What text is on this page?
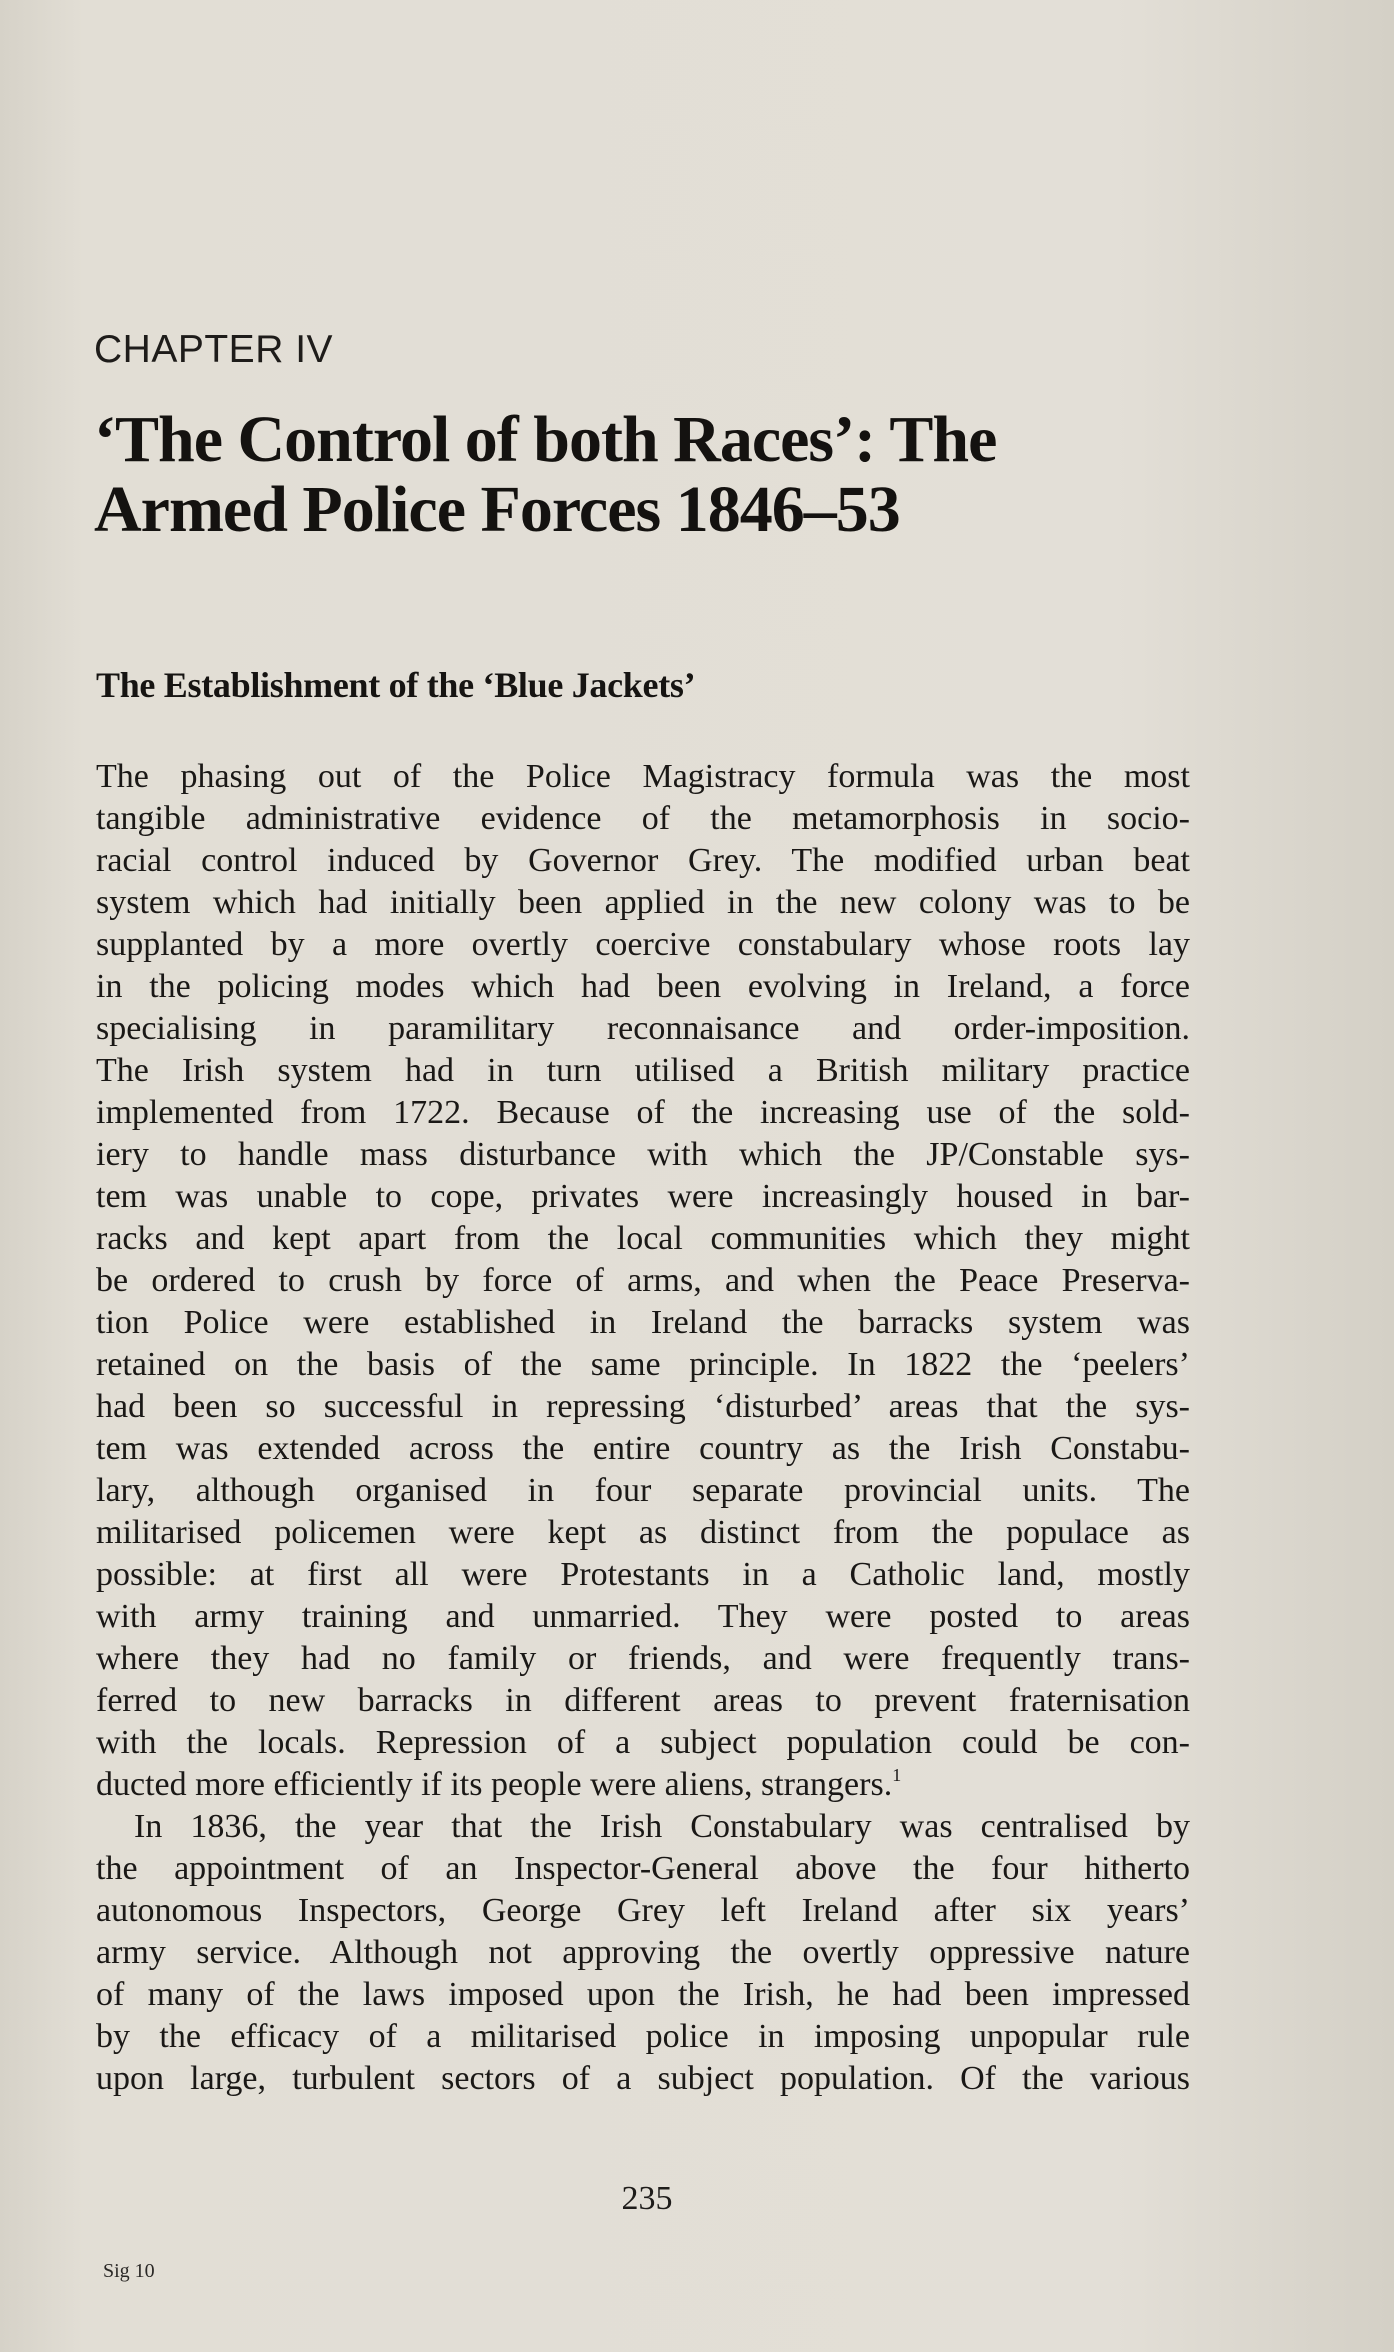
CHAPTER IV
‘The Control of both Races’: The
Armed Police Forces 1846–53
The Establishment of the ‘Blue Jackets’
The phasing out of the Police Magistracy formula was the most
tangible administrative evidence of the metamorphosis in socio-
racial control induced by Governor Grey. The modified urban beat
system which had initially been applied in the new colony was to be
supplanted by a more overtly coercive constabulary whose roots lay
in the policing modes which had been evolving in Ireland, a force
specialising in paramilitary reconnaisance and order-imposition.
The Irish system had in turn utilised a British military practice
implemented from 1722. Because of the increasing use of the sold-
iery to handle mass disturbance with which the JP/Constable sys-
tem was unable to cope, privates were increasingly housed in bar-
racks and kept apart from the local communities which they might
be ordered to crush by force of arms, and when the Peace Preserva-
tion Police were established in Ireland the barracks system was
retained on the basis of the same principle. In 1822 the ‘peelers’
had been so successful in repressing ‘disturbed’ areas that the sys-
tem was extended across the entire country as the Irish Constabu-
lary, although organised in four separate provincial units. The
militarised policemen were kept as distinct from the populace as
possible: at first all were Protestants in a Catholic land, mostly
with army training and unmarried. They were posted to areas
where they had no family or friends, and were frequently trans-
ferred to new barracks in different areas to prevent fraternisation
with the locals. Repression of a subject population could be con-
ducted more efficiently if its people were aliens, strangers.$^1$
In 1836, the year that the Irish Constabulary was centralised by
the appointment of an Inspector-General above the four hitherto
autonomous Inspectors, George Grey left Ireland after six years’
army service. Although not approving the overtly oppressive nature
of many of the laws imposed upon the Irish, he had been impressed
by the efficacy of a militarised police in imposing unpopular rule
upon large, turbulent sectors of a subject population. Of the various
235
Sig 10
